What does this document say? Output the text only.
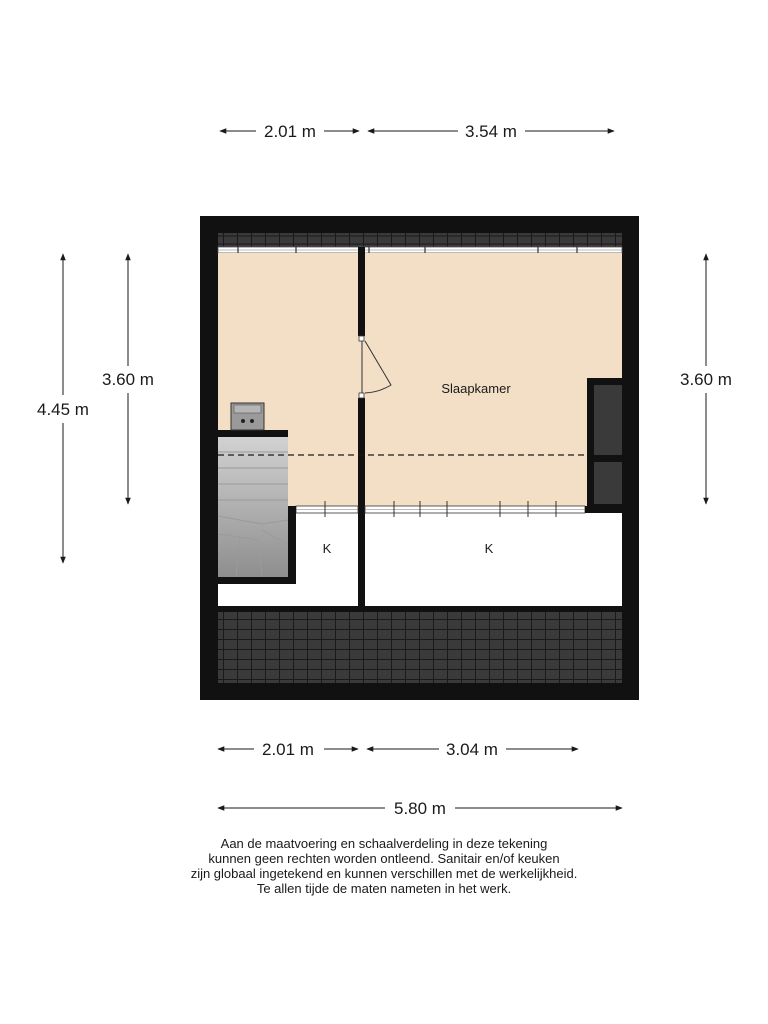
Slaapkamer
K	K
2.01 m	3.54 m
4.45 m
3.60 m	3.60 m
2.01 m	3.04 m
5.80 m
Aan de maatvoering en schaalverdeling in deze tekening
kunnen geen rechten worden ontleend. Sanitair en/of keuken
zijn globaal ingetekend en kunnen verschillen met de werkelijkheid.
Te allen tijde de maten nameten in het werk.
